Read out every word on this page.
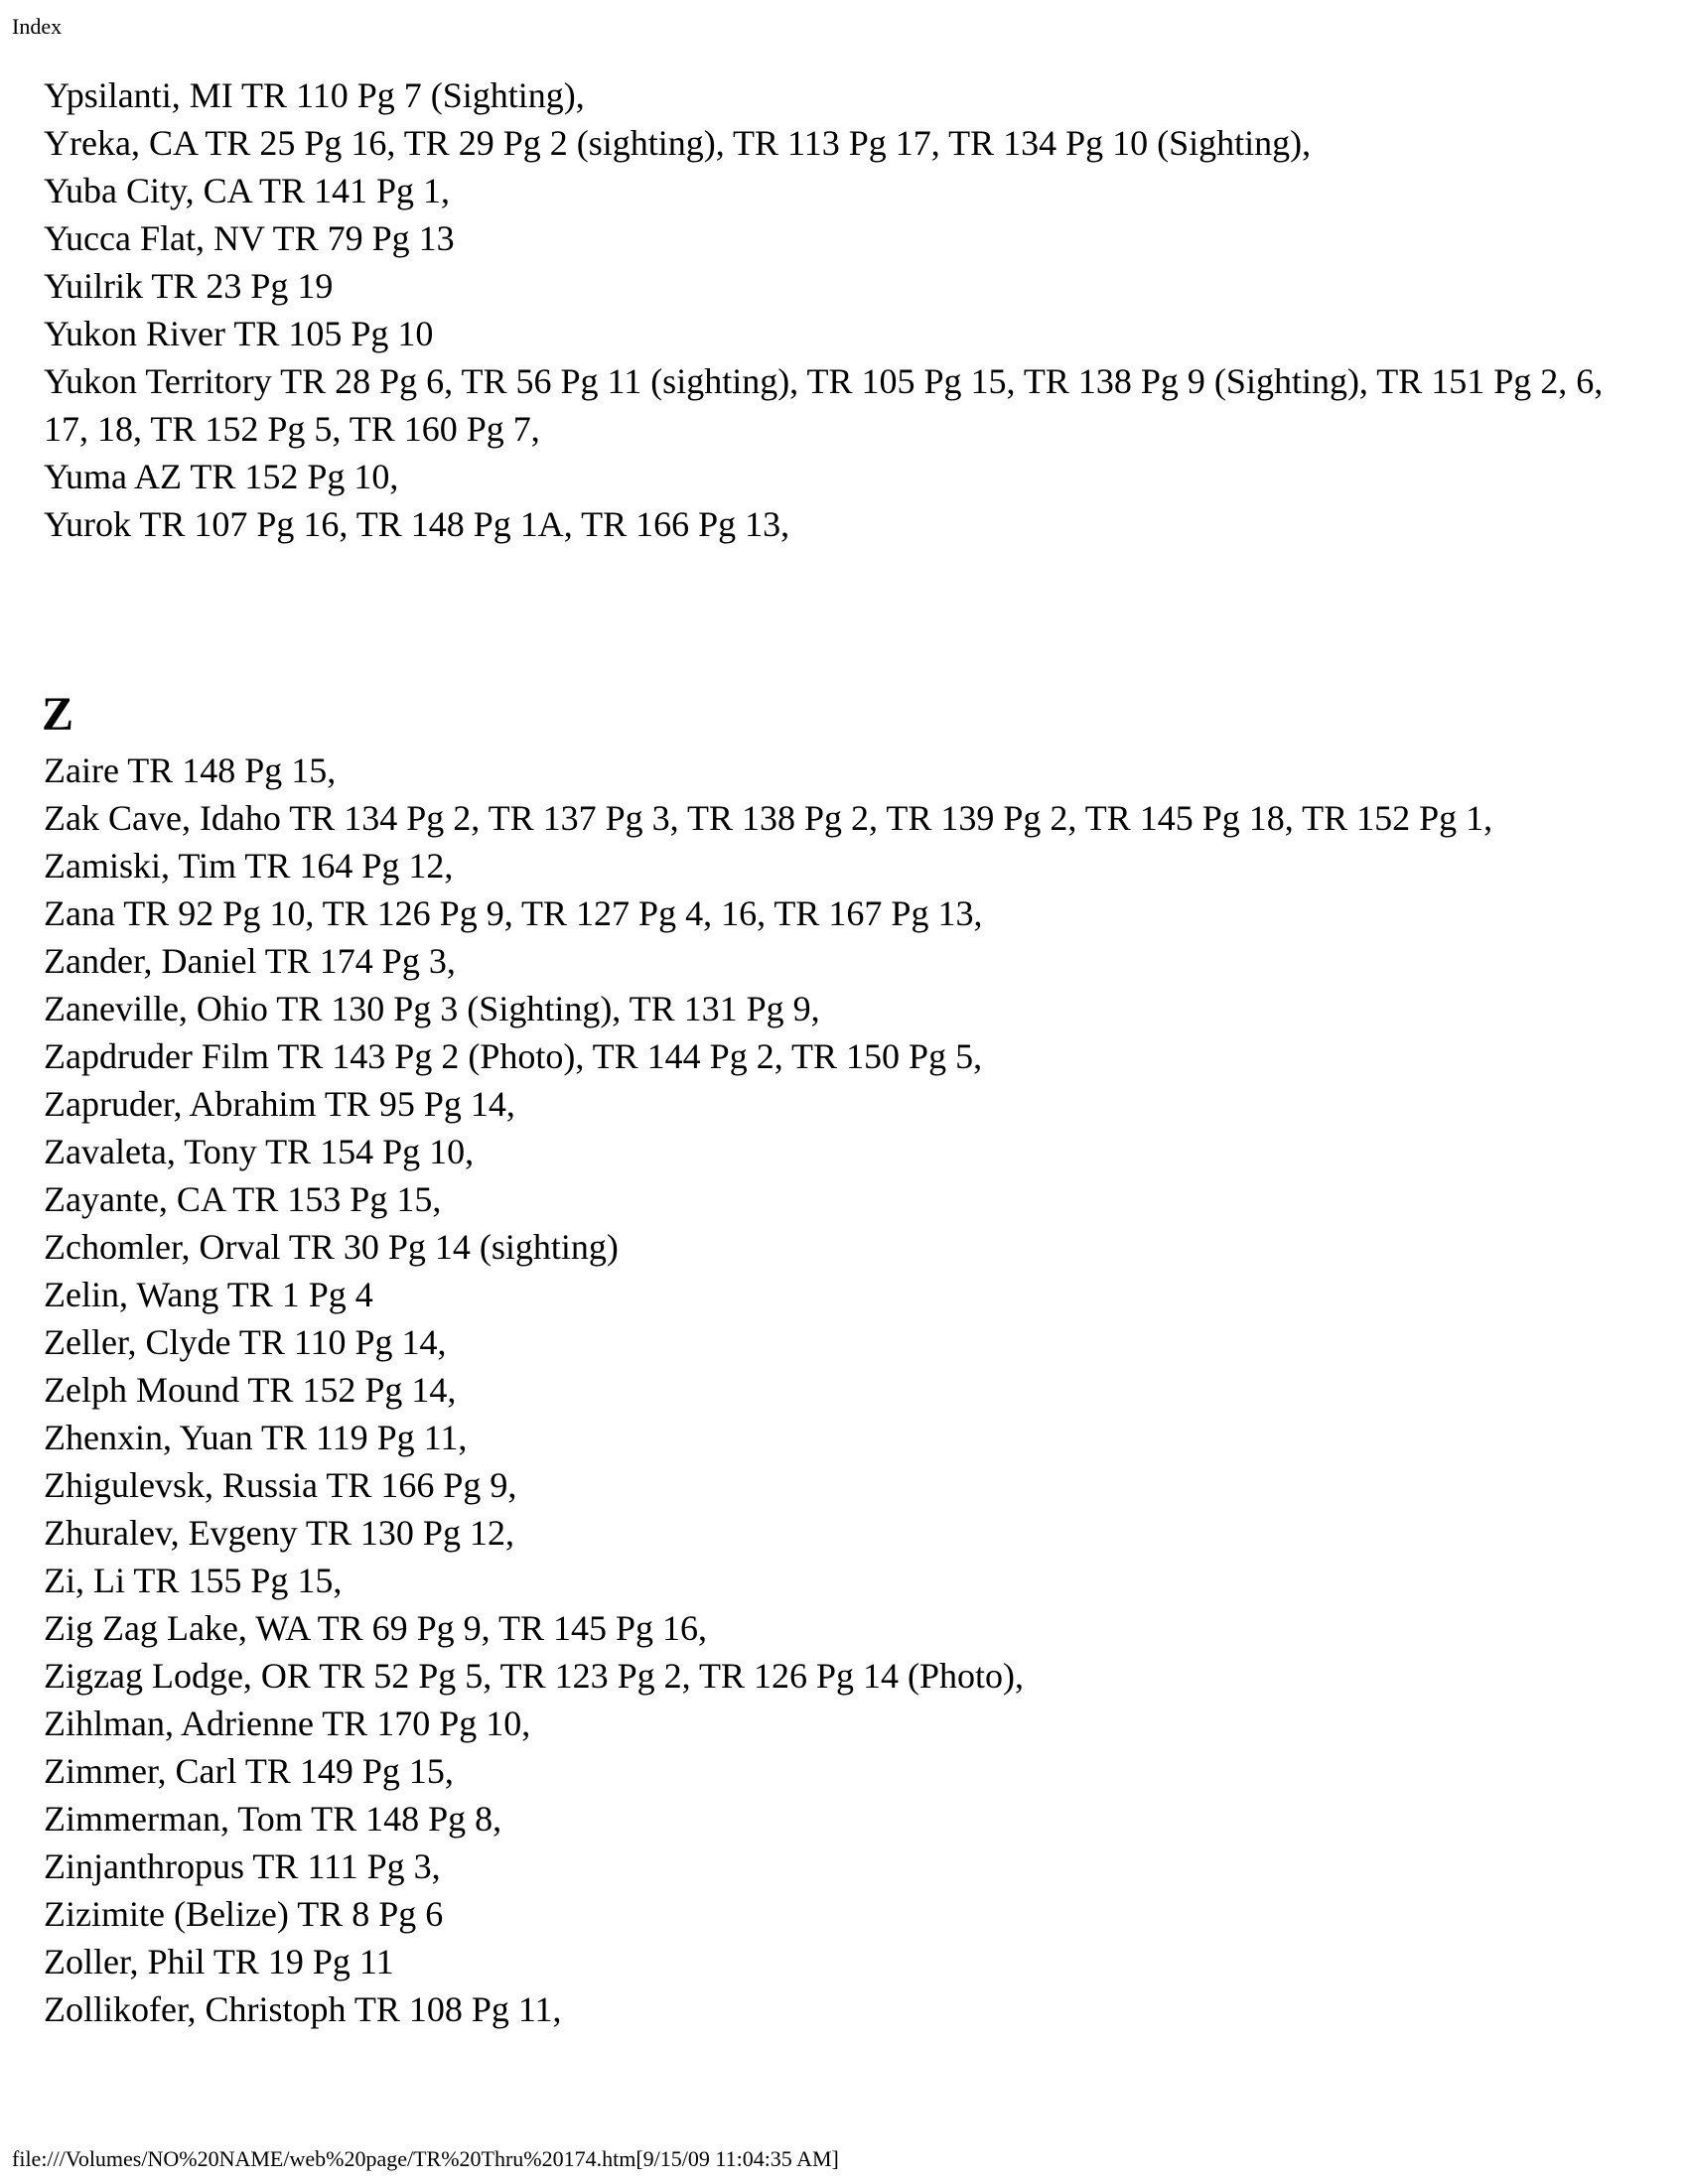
Index
Ypsilanti, MI TR 110 Pg 7 (Sighting),
Yreka, CA TR 25 Pg 16, TR 29 Pg 2 (sighting), TR 113 Pg 17, TR 134 Pg 10 (Sighting),
Yuba City, CA TR 141 Pg 1,
Yucca Flat, NV TR 79 Pg 13
Yuilrik TR 23 Pg 19
Yukon River TR 105 Pg 10
Yukon Territory TR 28 Pg 6, TR 56 Pg 11 (sighting), TR 105 Pg 15, TR 138 Pg 9 (Sighting), TR 151 Pg 2, 6, 17, 18, TR 152 Pg 5, TR 160 Pg 7,
Yuma AZ TR 152 Pg 10,
Yurok TR 107 Pg 16, TR 148 Pg 1A, TR 166 Pg 13,
Z
Zaire TR 148 Pg 15,
Zak Cave, Idaho TR 134 Pg 2, TR 137 Pg 3, TR 138 Pg 2, TR 139 Pg 2, TR 145 Pg 18, TR 152 Pg 1,
Zamiski, Tim TR 164 Pg 12,
Zana TR 92 Pg 10, TR 126 Pg 9, TR 127 Pg 4, 16, TR 167 Pg 13,
Zander, Daniel TR 174 Pg 3,
Zaneville, Ohio TR 130 Pg 3 (Sighting), TR 131 Pg 9,
Zapdruder Film TR 143 Pg 2 (Photo), TR 144 Pg 2, TR 150 Pg 5,
Zapruder, Abrahim TR 95 Pg 14,
Zavaleta, Tony TR 154 Pg 10,
Zayante, CA TR 153 Pg 15,
Zchomler, Orval TR 30 Pg 14 (sighting)
Zelin, Wang TR 1 Pg 4
Zeller, Clyde TR 110 Pg 14,
Zelph Mound TR 152 Pg 14,
Zhenxin, Yuan TR 119 Pg 11,
Zhigulevsk, Russia TR 166 Pg 9,
Zhuralev, Evgeny TR 130 Pg 12,
Zi, Li TR 155 Pg 15,
Zig Zag Lake, WA TR 69 Pg 9, TR 145 Pg 16,
Zigzag Lodge, OR TR 52 Pg 5, TR 123 Pg 2, TR 126 Pg 14 (Photo),
Zihlman, Adrienne TR 170 Pg 10,
Zimmer, Carl TR 149 Pg 15,
Zimmerman, Tom TR 148 Pg 8,
Zinjanthropus TR 111 Pg 3,
Zizimite (Belize) TR 8 Pg 6
Zoller, Phil TR 19 Pg 11
Zollikofer, Christoph TR 108 Pg 11,
file:///Volumes/NO%20NAME/web%20page/TR%20Thru%20174.htm[9/15/09 11:04:35 AM]
